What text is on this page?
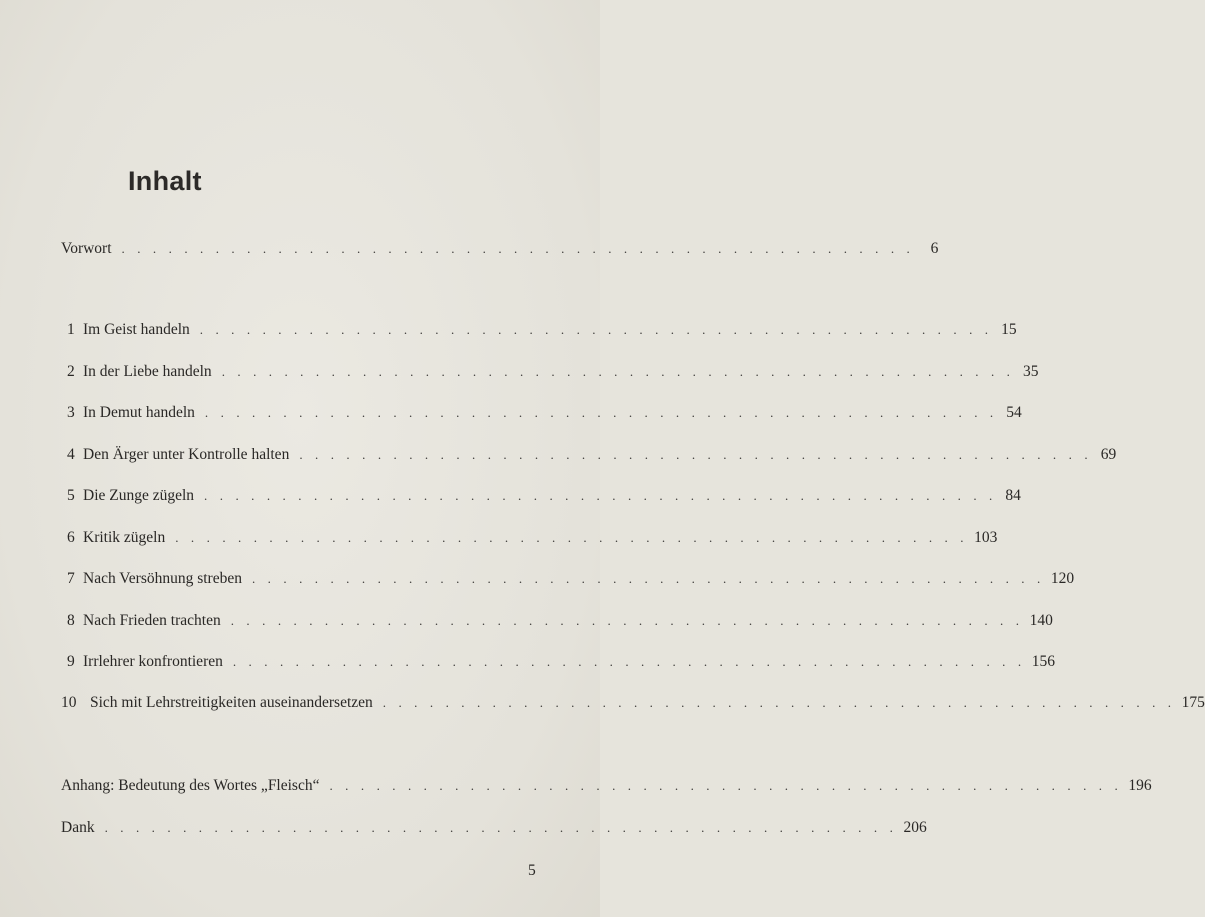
Inhalt
Vorwort . . . . . . . . . . . . . . . . . . . . . . . . . . . . . . . . . . . . . . . . . . . . . . . . . . .	6
1 Im Geist handeln . . . . . . . . . . . . . . . . . . . . . . . . . . . . . . . . . . . . . . . . . . . . . . . . . . . 15
2 In der Liebe handeln . . . . . . . . . . . . . . . . . . . . . . . . . . . . . . . . . . . . . . . . . . . . . . . . . . . 35
3 In Demut handeln . . . . . . . . . . . . . . . . . . . . . . . . . . . . . . . . . . . . . . . . . . . . . . . . . . . 54
4 Den Ärger unter Kontrolle halten . . . . . . . . . . . . . . . . . . . . . . . . . . . . . . . . . . . . . . . . . . . . . . . . . . . 69
5 Die Zunge zügeln . . . . . . . . . . . . . . . . . . . . . . . . . . . . . . . . . . . . . . . . . . . . . . . . . . . 84
6 Kritik zügeln . . . . . . . . . . . . . . . . . . . . . . . . . . . . . . . . . . . . . . . . . . . . . . . . . . . 103
7 Nach Versöhnung streben . . . . . . . . . . . . . . . . . . . . . . . . . . . . . . . . . . . . . . . . . . . . . . . . . . . 120
8 Nach Frieden trachten . . . . . . . . . . . . . . . . . . . . . . . . . . . . . . . . . . . . . . . . . . . . . . . . . . . 140
9 Irrlehrer konfrontieren . . . . . . . . . . . . . . . . . . . . . . . . . . . . . . . . . . . . . . . . . . . . . . . . . . . 156
10 Sich mit Lehrstreitigkeiten auseinandersetzen . . . . . . . . . . . . . . . . . . . . . . . . . . . . . . . . . . . . . . . . . . . . . . . . . . . 175
Anhang: Bedeutung des Wortes „Fleisch“ . . . . . . . . . . . . . . . . . . . . . . . . . . . . . . . . . . . . . . . . . . . . . . . . . . . 196
Dank . . . . . . . . . . . . . . . . . . . . . . . . . . . . . . . . . . . . . . . . . . . . . . . . . . . 206
5
